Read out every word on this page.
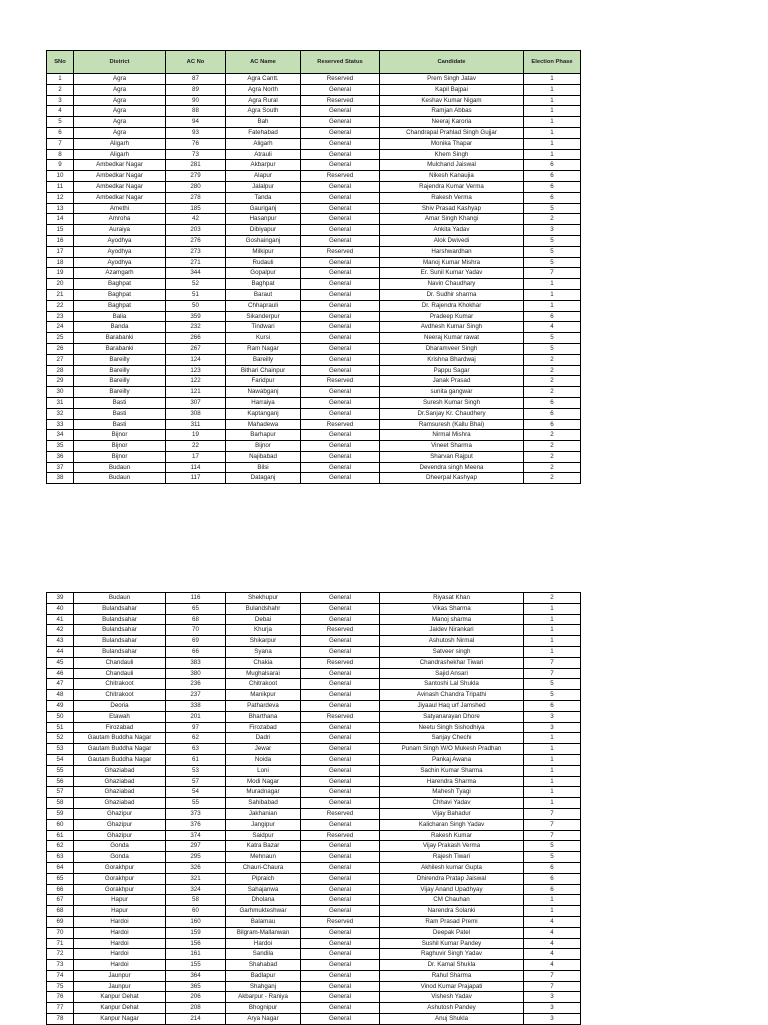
SNo	District	AC No	AC Name	Reserved Status	Candidate	Election Phase
1	Agra	87	Agra Cantt.	Reserved	Prem Singh Jatav	1
2	Agra	89	Agra North	General	Kapil Bajpai	1
3	Agra	90	Agra Rural	Reserved	Keshav Kumar Nigam	1
4	Agra	88	Agra South	General	Ramjan Abbas	1
5	Agra	94	Bah	General	Neeraj Karoria	1
6	Agra	93	Fatehabad	General	Chandrapal Prahlad Singh Gujjar	1
7	Aligarh	76	Aligarh	General	Monika Thapar	1
8	Aligarh	73	Atrauli	General	Khem Singh	1
9	Ambedkar Nagar	281	Akbarpur	General	Mulchand Jaiswal	6
10	Ambedkar Nagar	279	Alapur	Reserved	Nikesh Kanaujia	6
11	Ambedkar Nagar	280	Jalalpur	General	Rajendra Kumar Verma	6
12	Ambedkar Nagar	278	Tanda	General	Rakesh Verma	6
13	Amethi	185	Gauriganj	General	Shiv Prasad Kashyap	5
14	Amroha	42	Hasanpur	General	Amar Singh Khangi	2
15	Auraiya	203	Dibiyapur	General	Ankita Yadav	3
16	Ayodhya	276	Goshainganj	General	Alok Dwivedi	5
17	Ayodhya	273	Milkipur	Reserved	Harshwardhan	5
18	Ayodhya	271	Rudauli	General	Manoj Kumar Mishra	5
19	Azamgarh	344	Gopalpur	General	Er. Sunil Kumar Yadav	7
20	Baghpat	52	Baghpat	General	Navin Chaudhary	1
21	Baghpat	51	Baraut	General	Dr. Sudhir sharma	1
22	Baghpat	50	Chhaprauli	General	Dr. Rajendra Khokhar	1
23	Balia	359	Sikanderpur	General	Pradeep Kumar	6
24	Banda	232	Tindwari	General	Avdhesh Kumar Singh	4
25	Barabanki	266	Kursi	General	Neeraj Kumar rawat	5
26	Barabanki	267	Ram Nagar	General	Dharamveer Singh	5
27	Bareilly	124	Bareilly	General	Krishna Bhardwaj	2
28	Bareilly	123	Bithari Chainpur	General	Pappu Sagar	2
29	Bareilly	122	Faridpur	Reserved	Janak Prasad	2
30	Bareilly	121	Nawabganj	General	sunita gangwar	2
31	Basti	307	Harraiya	General	Suresh Kumar Singh	6
32	Basti	308	Kaptanganj	General	Dr.Sanjay Kr. Chaudhery	6
33	Basti	311	Mahadewa	Reserved	Ramsuresh (Kallu Bhai)	6
34	Bijnor	19	Barhapur	General	Nirmal Mishra	2
35	Bijnor	22	Bijnor	General	Vineet Sharma	2
36	Bijnor	17	Najibabad	General	Sharvan Rajput	2
37	Budaun	114	Bilsi	General	Devendra singh Meena	2
38	Budaun	117	Dataganj	General	Dheerpal Kashyap	2
39	Budaun	116	Shekhupur	General	Riyasat Khan	2
40	Bulandsahar	65	Bulandshahr	General	Vikas Sharma	1
41	Bulandsahar	68	Debai	General	Manoj sharma	1
42	Bulandsahar	70	Khurja	Reserved	Jaidev Nirankari	1
43	Bulandsahar	69	Shikarpur	General	Ashutosh Nirmal	1
44	Bulandsahar	66	Syana	General	Satveer singh	1
45	Chandauli	383	Chakia	Reserved	Chandrashekhar Tiwari	7
46	Chandauli	380	Mughalsarai	General	Sajid Ansari	7
47	Chitrakoot	236	Chitrakoot	General	Santoshi Lal Shukla	5
48	Chitrakoot	237	Manikpur	General	Avinash Chandra Tripathi	5
49	Deoria	338	Pathardeva	General	Jiyaaul Haq urf Jamshed	6
50	Etawah	201	Bharthana	Reserved	Satyanarayan Dhore	3
51	Firozabad	97	Firozabad	General	Neetu Singh Sishodhiya	3
52	Gautam Buddha Nagar	62	Dadri	General	Sanjay Chechi	1
53	Gautam Buddha Nagar	63	Jewar	General	Punam Singh W/O Mukesh Pradhan	1
54	Gautam Buddha Nagar	61	Noida	General	Pankaj Awana	1
55	Ghaziabad	53	Loni	General	Sachin Kumar Sharma	1
56	Ghaziabad	57	Modi Nagar	General	Harendra Sharma	1
57	Ghaziabad	54	Muradnagar	General	Mahesh Tyagi	1
58	Ghaziabad	55	Sahibabad	General	Chhavi Yadav	1
59	Ghazipur	373	Jakhanian	Reserved	Vijay Bahadur	7
60	Ghazipur	376	Jangipur	General	Kalicharan Singh Yadav	7
61	Ghazipur	374	Saidpur	Reserved	Rakesh Kumar	7
62	Gonda	297	Katra Bazar	General	Vijay Prakash Verma	5
63	Gonda	295	Mehnaun	General	Rajesh Tiwari	5
64	Gorakhpur	326	Chauri-Chaura	General	Akhilesh kumar Gupta	6
65	Gorakhpur	321	Pipraich	General	Dhirendra Pratap Jaiswal	6
66	Gorakhpur	324	Sahajanwa	General	Vijay Anand Upadhyay	6
67	Hapur	58	Dholana	General	CM Chauhan	1
68	Hapur	60	Garhmukteshwar	General	Narendra Solanki	1
69	Hardoi	160	Balamau	Reserved	Ram Prasad Premi	4
70	Hardoi	159	Bilgram-Mallanwan	General	Deepak Patel	4
71	Hardoi	156	Hardoi	General	Sushil Kumar Pandey	4
72	Hardoi	161	Sandila	General	Raghuvir Singh Yadav	4
73	Hardoi	155	Shahabad	General	Dr. Kamal Shukla	4
74	Jaunpur	364	Badlapur	General	Rahul Sharma	7
75	Jaunpur	365	Shahganj	General	Vinod Kumar Prajapati	7
76	Kanpur Dehat	206	Akbarpur - Raniya	General	Vishesh Yadav	3
77	Kanpur Dehat	208	Bhognipur	General	Ashutosh Pandey	3
78	Kanpur Nagar	214	Arya Nagar	General	Anuj Shukla	3
